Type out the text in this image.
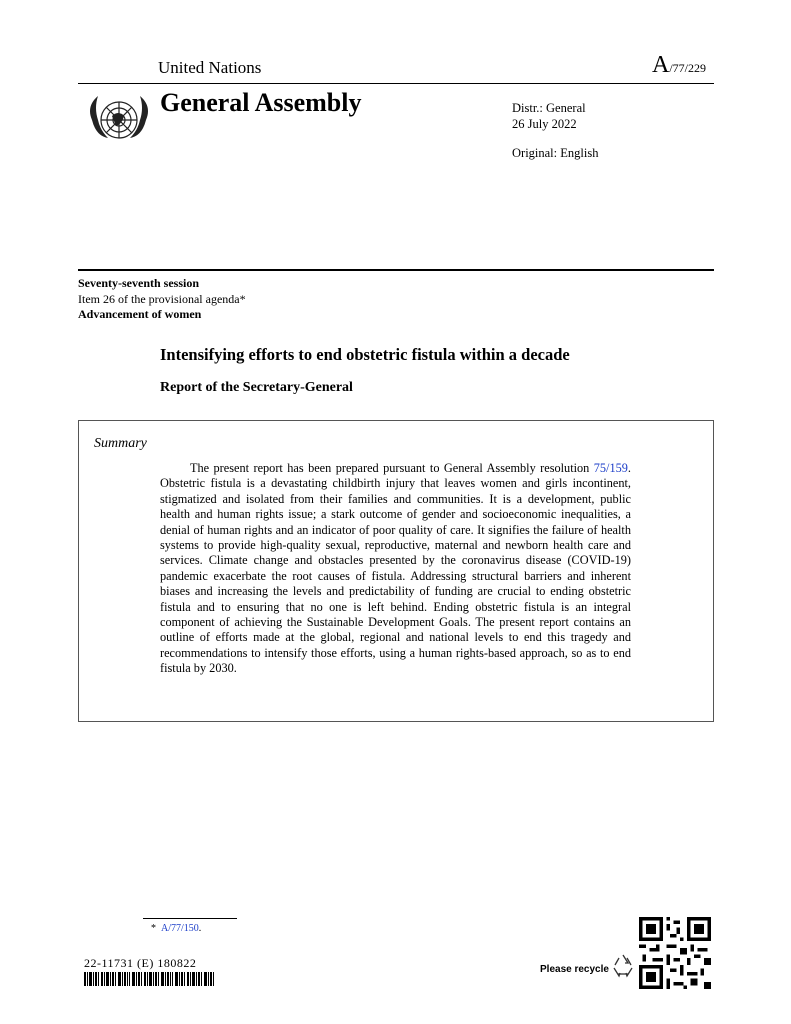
United Nations	A/77/229
General Assembly	Distr.: General
26 July 2022
Original: English
Seventy-seventh session
Item 26 of the provisional agenda*
Advancement of women
Intensifying efforts to end obstetric fistula within a decade
Report of the Secretary-General
Summary
The present report has been prepared pursuant to General Assembly resolution 75/159. Obstetric fistula is a devastating childbirth injury that leaves women and girls incontinent, stigmatized and isolated from their families and communities. It is a development, public health and human rights issue; a stark outcome of gender and socioeconomic inequalities, a denial of human rights and an indicator of poor quality of care. It signifies the failure of health systems to provide high-quality sexual, reproductive, maternal and newborn health care and services. Climate change and obstacles presented by the coronavirus disease (COVID-19) pandemic exacerbate the root causes of fistula. Addressing structural barriers and inherent biases and increasing the levels and predictability of funding are crucial to ending obstetric fistula and to ensuring that no one is left behind. Ending obstetric fistula is an integral component of achieving the Sustainable Development Goals. The present report contains an outline of efforts made at the global, regional and national levels to end this tragedy and recommendations to intensify those efforts, using a human rights-based approach, so as to end fistula by 2030.
* A/77/150.
22-11731 (E) 180822	Please recycle
